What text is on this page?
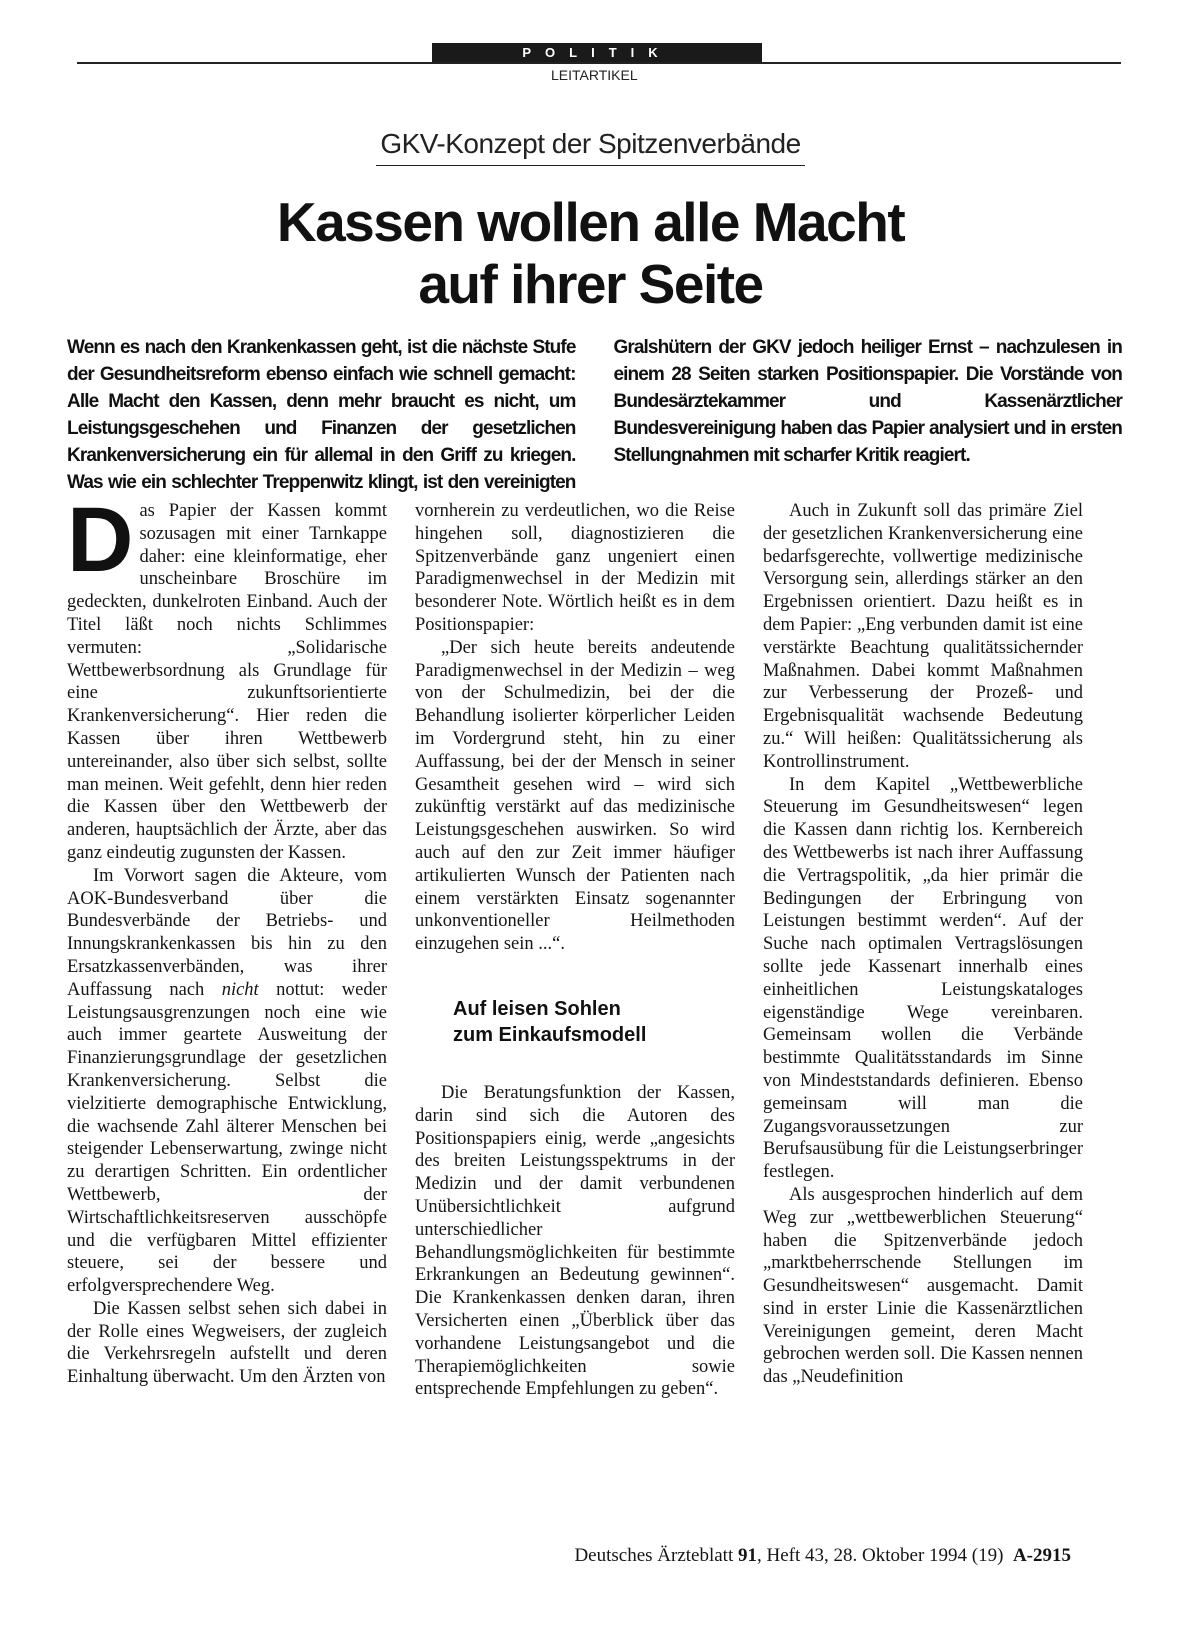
POLITIK
LEITARTIKEL
GKV-Konzept der Spitzenverbände
Kassen wollen alle Macht
auf ihrer Seite
Wenn es nach den Krankenkassen geht, ist die nächste Stufe der Gesundheitsreform ebenso einfach wie schnell gemacht: Alle Macht den Kassen, denn mehr braucht es nicht, um Leistungsgeschehen und Finanzen der gesetzlichen Krankenversicherung ein für allemal in den Griff zu kriegen. Was wie ein schlechter Treppenwitz klingt, ist den vereinigten Gralshütern der GKV jedoch heiliger Ernst – nachzulesen in einem 28 Seiten starken Positionspapier. Die Vorstände von Bundesärztekammer und Kassenärztlicher Bundesvereinigung haben das Papier analysiert und in ersten Stellungnahmen mit scharfer Kritik reagiert.
D as Papier der Kassen kommt sozusagen mit einer Tarnkappe daher: eine kleinformatige, eher unscheinbare Broschüre im gedeckten, dunkelroten Einband. Auch der Titel läßt noch nichts Schlimmes vermuten: „Solidarische Wettbewerbsordnung als Grundlage für eine zukunftsorientierte Krankenversicherung“. Hier reden die Kassen über ihren Wettbewerb untereinander, also über sich selbst, sollte man meinen. Weit gefehlt, denn hier reden die Kassen über den Wettbewerb der anderen, hauptsächlich der Ärzte, aber das ganz eindeutig zugunsten der Kassen.

Im Vorwort sagen die Akteure, vom AOK-Bundesverband über die Bundesverbände der Betriebs- und Innungskrankenkassen bis hin zu den Ersatzkassenverbänden, was ihrer Auffassung nach nicht nottut: weder Leistungsausgrenzungen noch eine wie auch immer geartete Ausweitung der Finanzierungsgrundlage der gesetzlichen Krankenversicherung. Selbst die vielzitierte demographische Entwicklung, die wachsende Zahl älterer Menschen bei steigender Lebenserwartung, zwinge nicht zu derartigen Schritten. Ein ordentlicher Wettbewerb, der Wirtschaftlichkeitsreserven ausschöpfe und die verfügbaren Mittel effizienter steuere, sei der bessere und erfolgversprechendere Weg.

Die Kassen selbst sehen sich dabei in der Rolle eines Wegweisers, der zugleich die Verkehrsregeln aufstellt und deren Einhaltung überwacht. Um den Ärzten von

vornherein zu verdeutlichen, wo die Reise hingehen soll, diagnostizieren die Spitzenverbände ganz ungeniert einen Paradigmenwechsel in der Medizin mit besonderer Note. Wörtlich heißt es in dem Positionspapier:

„Der sich heute bereits andeutende Paradigmenwechsel in der Medizin – weg von der Schulmedizin, bei der die Behandlung isolierter körperlicher Leiden im Vordergrund steht, hin zu einer Auffassung, bei der der Mensch in seiner Gesamtheit gesehen wird – wird sich zukünftig verstärkt auf das medizinische Leistungsgeschehen auswirken. So wird auch auf den zur Zeit immer häufiger artikulierten Wunsch der Patienten nach einem verstärkten Einsatz sogenannter unkonventioneller Heilmethoden einzugehen sein ...“.

Auf leisen Sohlen
zum Einkaufsmodell

Die Beratungsfunktion der Kassen, darin sind sich die Autoren des Positionspapiers einig, werde „angesichts des breiten Leistungsspektrums in der Medizin und der damit verbundenen Unübersichtlichkeit aufgrund unterschiedlicher Behandlungsmöglichkeiten für bestimmte Erkrankungen an Bedeutung gewinnen“. Die Krankenkassen denken daran, ihren Versicherten einen „Überblick über das vorhandene Leistungsangebot und die Therapiemöglichkeiten sowie entsprechende Empfehlungen zu geben“.

Auch in Zukunft soll das primäre Ziel der gesetzlichen Krankenversicherung eine bedarfsgerechte, vollwertige medizinische Versorgung sein, allerdings stärker an den Ergebnissen orientiert. Dazu heißt es in dem Papier: „Eng verbunden damit ist eine verstärkte Beachtung qualitätssichernder Maßnahmen. Dabei kommt Maßnahmen zur Verbesserung der Prozeß- und Ergebnisqualität wachsende Bedeutung zu.“ Will heißen: Qualitätssicherung als Kontrollinstrument.

In dem Kapitel „Wettbewerbliche Steuerung im Gesundheitswesen“ legen die Kassen dann richtig los. Kernbereich des Wettbewerbs ist nach ihrer Auffassung die Vertragspolitik, „da hier primär die Bedingungen der Erbringung von Leistungen bestimmt werden“. Auf der Suche nach optimalen Vertragslösungen sollte jede Kassenart innerhalb eines einheitlichen Leistungskataloges eigenständige Wege vereinbaren. Gemeinsam wollen die Verbände bestimmte Qualitätsstandards im Sinne von Mindeststandards definieren. Ebenso gemeinsam will man die Zugangsvoraussetzungen zur Berufsausübung für die Leistungserbringer festlegen.

Als ausgesprochen hinderlich auf dem Weg zur „wettbewerblichen Steuerung“ haben die Spitzenverbände jedoch „marktbeherrschende Stellungen im Gesundheitswesen“ ausgemacht. Damit sind in erster Linie die Kassenärztlichen Vereinigungen gemeint, deren Macht gebrochen werden soll. Die Kassen nennen das „Neudefinition

Deutsches Ärzteblatt 91, Heft 43, 28. Oktober 1994 (19) A-2915
